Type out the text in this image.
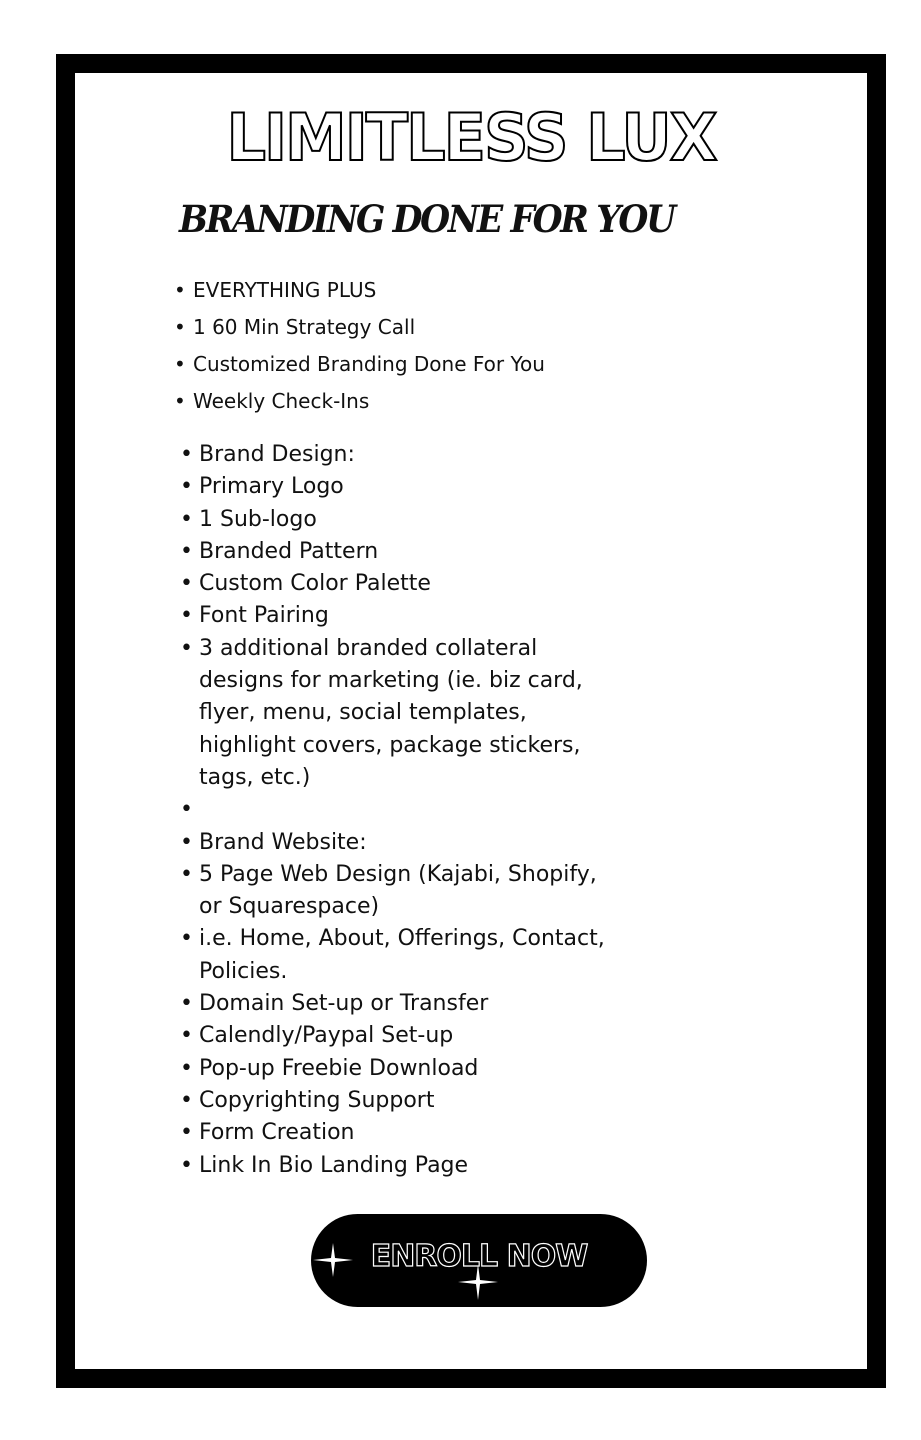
LIMITLESS LUX
BRANDING DONE FOR YOU
• EVERYTHING PLUS
• 1 60 Min Strategy Call
• Customized Branding Done For You
• Weekly Check-Ins
• Brand Design:
• Primary Logo
• 1 Sub-logo
• Branded Pattern
• Custom Color Palette
• Font Pairing
• 3 additional branded collateral designs for marketing (ie. biz card, flyer, menu, social templates, highlight covers, package stickers, tags, etc.)
•

• Brand Website:
• 5 Page Web Design (Kajabi, Shopify, or Squarespace)
• i.e. Home, About, Offerings, Contact, Policies.
• Domain Set-up or Transfer
• Calendly/Paypal Set-up
• Pop-up Freebie Download
• Copyrighting Support
• Form Creation
• Link In Bio Landing Page
ENROLL NOW
